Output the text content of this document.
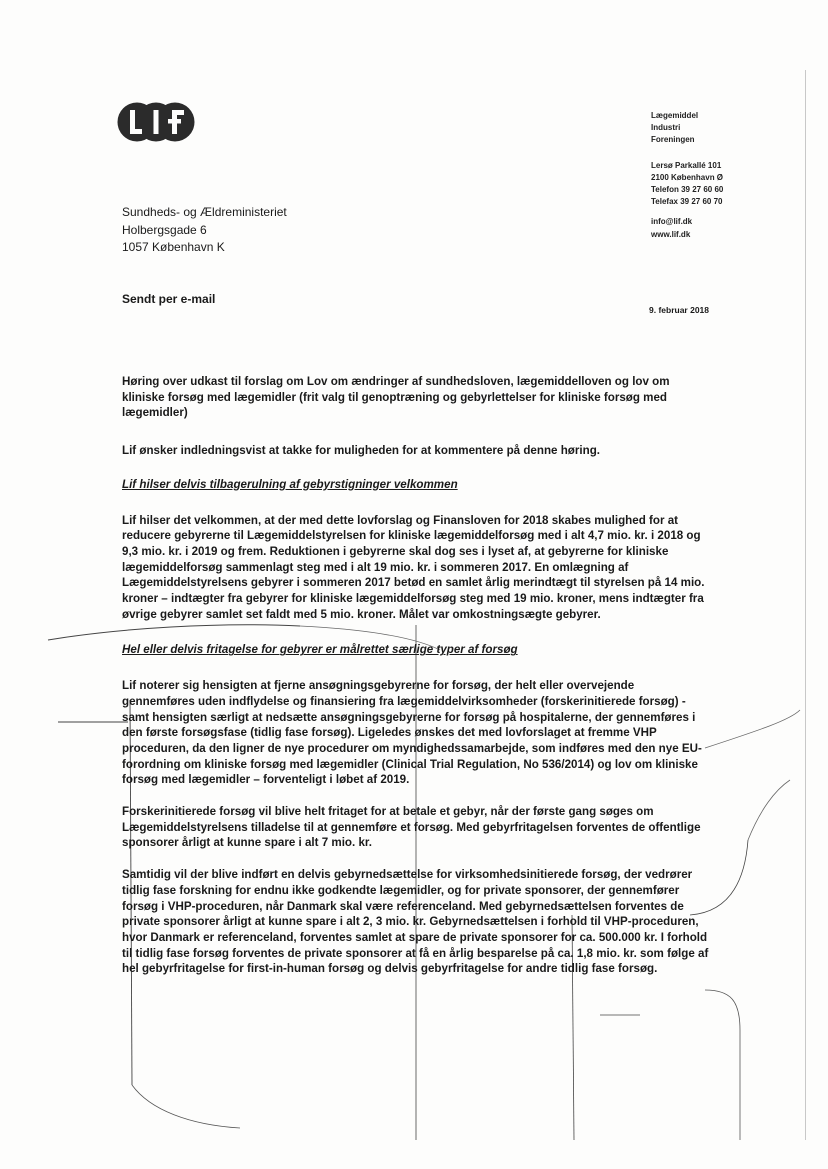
Lægemiddel
Industri
Foreningen
Lersø Parkallé 101
2100 København Ø
Telefon 39 27 60 60
Telefax 39 27 60 70
info@lif.dk
www.lif.dk
Sundheds- og Ældreministeriet
Holbergsgade 6
1057 København K
Sendt per e-mail
9. februar 2018

Høring over udkast til forslag om Lov om ændringer af sundhedsloven, lægemiddelloven og lov om kliniske forsøg med lægemidler (frit valg til genoptræning og gebyrlettelser for kliniske forsøg med lægemidler)

Lif ønsker indledningsvist at takke for muligheden for at kommentere på denne høring.

Lif hilser delvis tilbagerulning af gebyrstigninger velkommen

Lif hilser det velkommen, at der med dette lovforslag og Finansloven for 2018 skabes mulighed for at reducere gebyrerne til Lægemiddelstyrelsen for kliniske lægemiddelforsøg med i alt 4,7 mio. kr. i 2018 og 9,3 mio. kr. i 2019 og frem. Reduktionen i gebyrerne skal dog ses i lyset af, at gebyrerne for kliniske lægemiddelforsøg sammenlagt steg med i alt 19 mio. kr. i sommeren 2017. En omlægning af Lægemiddelstyrelsens gebyrer i sommeren 2017 betød en samlet årlig merindtægt til styrelsen på 14 mio. kroner – indtægter fra gebyrer for kliniske lægemiddelforsøg steg med 19 mio. kroner, mens indtægter fra øvrige gebyrer samlet set faldt med 5 mio. kroner. Målet var omkostningsægte gebyrer.

Hel eller delvis fritagelse for gebyrer er målrettet særlige typer af forsøg

Lif noterer sig hensigten at fjerne ansøgningsgebyrerne for forsøg, der helt eller overvejende gennemføres uden indflydelse og finansiering fra lægemiddelvirksomheder (forskerinitierede forsøg) - samt hensigten særligt at nedsætte ansøgningsgebyrerne for forsøg på hospitalerne, der gennemføres i den første forsøgsfase (tidlig fase forsøg). Ligeledes ønskes det med lovforslaget at fremme VHP proceduren, da den ligner de nye procedurer om myndighedssamarbejde, som indføres med den nye EU-forordning om kliniske forsøg med lægemidler (Clinical Trial Regulation, No 536/2014) og lov om kliniske forsøg med lægemidler – forventeligt i løbet af 2019.

Forskerinitierede forsøg vil blive helt fritaget for at betale et gebyr, når der første gang søges om Lægemiddelstyrelsens tilladelse til at gennemføre et forsøg. Med gebyrfritagelsen forventes de offentlige sponsorer årligt at kunne spare i alt 7 mio. kr.

Samtidig vil der blive indført en delvis gebyrnedsættelse for virksomhedsinitierede forsøg, der vedrører tidlig fase forskning for endnu ikke godkendte lægemidler, og for private sponsorer, der gennemfører forsøg i VHP-proceduren, når Danmark skal være referenceland. Med gebyrnedsættelsen forventes de private sponsorer årligt at kunne spare i alt 2, 3 mio. kr. Gebyrnedsættelsen i forhold til VHP-proceduren, hvor Danmark er referenceland, forventes samlet at spare de private sponsorer for ca. 500.000 kr. I forhold til tidlig fase forsøg forventes de private sponsorer at få en årlig besparelse på ca. 1,8 mio. kr. som følge af hel gebyrfritagelse for first-in-human forsøg og delvis gebyrfritagelse for andre tidlig fase forsøg.
